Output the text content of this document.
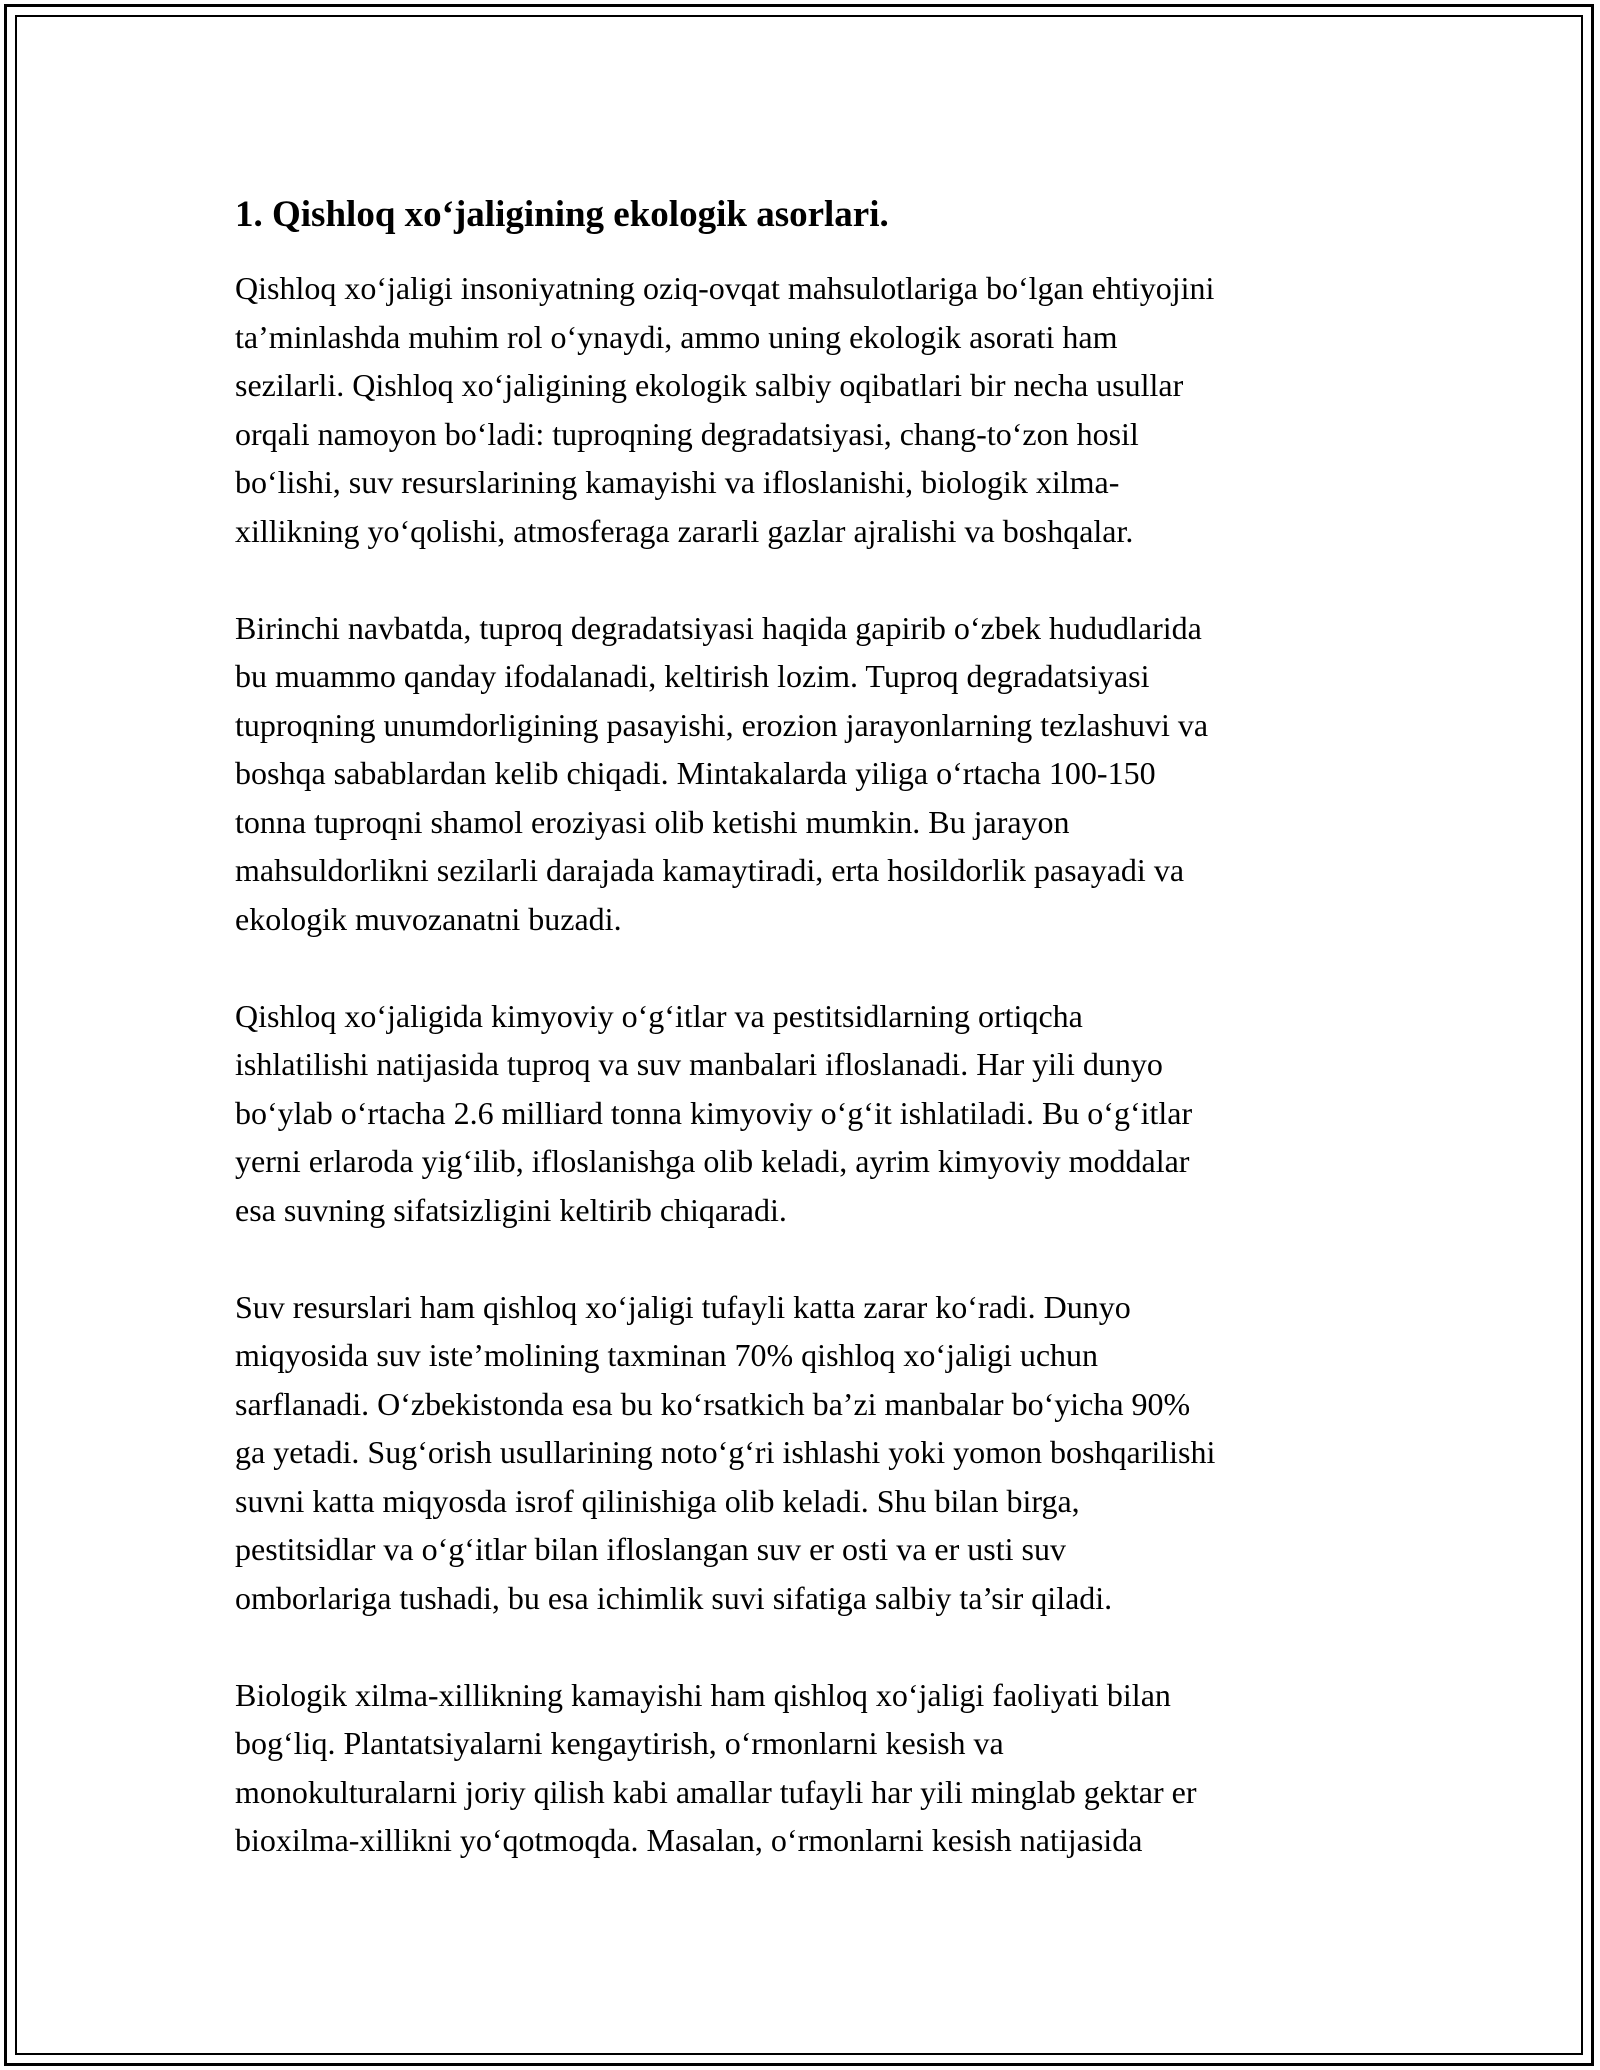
1. Qishloq xo‘jaligining ekologik asorlari.

Qishloq xo‘jaligi insoniyatning oziq-ovqat mahsulotlariga bo‘lgan ehtiyojini
ta’minlashda muhim rol o‘ynaydi, ammo uning ekologik asorati ham
sezilarli. Qishloq xo‘jaligining ekologik salbiy oqibatlari bir necha usullar
orqali namoyon bo‘ladi: tuproqning degradatsiyasi, chang-to‘zon hosil
bo‘lishi, suv resurslarining kamayishi va ifloslanishi, biologik xilma-
xillikning yo‘qolishi, atmosferaga zararli gazlar ajralishi va boshqalar.

Birinchi navbatda, tuproq degradatsiyasi haqida gapirib o‘zbek hududlarida
bu muammo qanday ifodalanadi, keltirish lozim. Tuproq degradatsiyasi
tuproqning unumdorligining pasayishi, erozion jarayonlarning tezlashuvi va
boshqa sabablardan kelib chiqadi. Mintakalarda yiliga o‘rtacha 100-150
tonna tuproqni shamol eroziyasi olib ketishi mumkin. Bu jarayon
mahsuldorlikni sezilarli darajada kamaytiradi, erta hosildorlik pasayadi va
ekologik muvozanatni buzadi.

Qishloq xo‘jaligida kimyoviy o‘g‘itlar va pestitsidlarning ortiqcha
ishlatilishi natijasida tuproq va suv manbalari ifloslanadi. Har yili dunyo
bo‘ylab o‘rtacha 2.6 milliard tonna kimyoviy o‘g‘it ishlatiladi. Bu o‘g‘itlar
yerni erlaroda yig‘ilib, ifloslanishga olib keladi, ayrim kimyoviy moddalar
esa suvning sifatsizligini keltirib chiqaradi.

Suv resurslari ham qishloq xo‘jaligi tufayli katta zarar ko‘radi. Dunyo
miqyosida suv iste’molining taxminan 70% qishloq xo‘jaligi uchun
sarflanadi. O‘zbekistonda esa bu ko‘rsatkich ba’zi manbalar bo‘yicha 90%
ga yetadi. Sug‘orish usullarining noto‘g‘ri ishlashi yoki yomon boshqarilishi
suvni katta miqyosda isrof qilinishiga olib keladi. Shu bilan birga,
pestitsidlar va o‘g‘itlar bilan ifloslangan suv er osti va er usti suv
omborlariga tushadi, bu esa ichimlik suvi sifatiga salbiy ta’sir qiladi.

Biologik xilma-xillikning kamayishi ham qishloq xo‘jaligi faoliyati bilan
bog‘liq. Plantatsiyalarni kengaytirish, o‘rmonlarni kesish va
monokulturalarni joriy qilish kabi amallar tufayli har yili minglab gektar er
bioxilma-xillikni yo‘qotmoqda. Masalan, o‘rmonlarni kesish natijasida
